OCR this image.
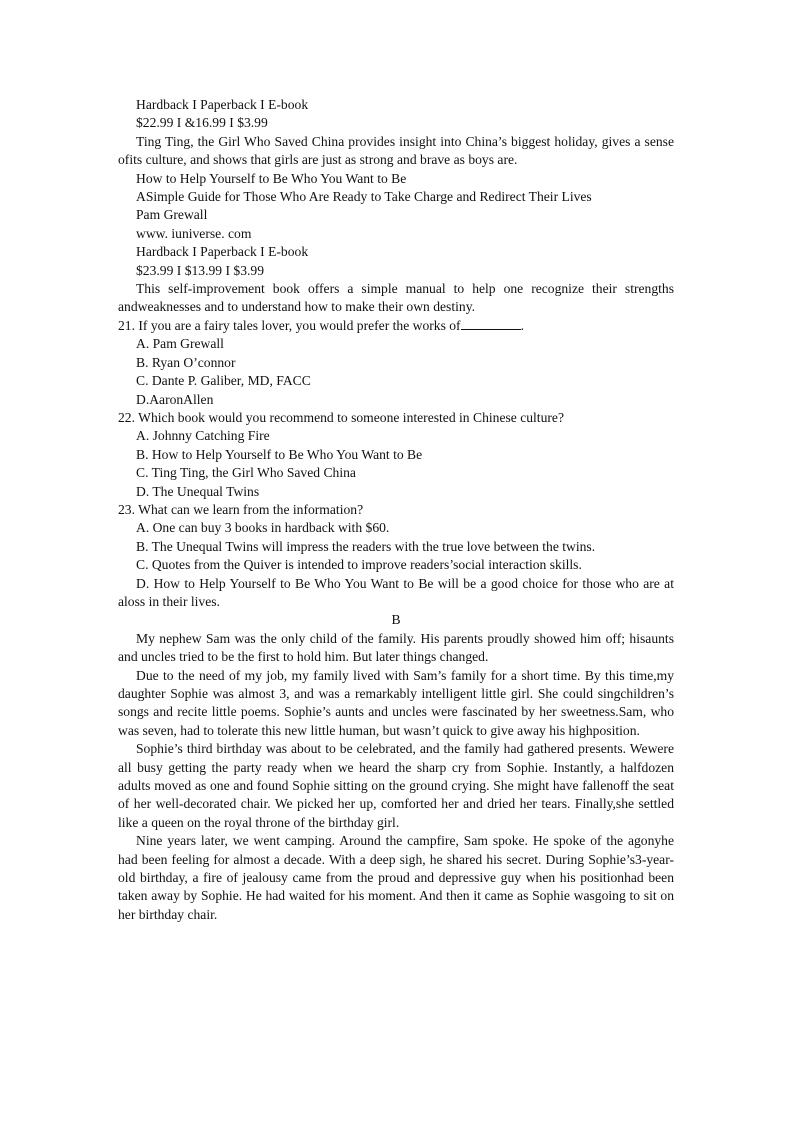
Hardback I Paperback I E-book

$22.99 I &16.99 I $3.99

Ting Ting, the Girl Who Saved China provides insight into China’s biggest holiday, gives a sense ofits culture, and shows that girls are just as strong and brave as boys are.

How to Help Yourself to Be Who You Want to Be

ASimple Guide for Those Who Are Ready to Take Charge and Redirect Their Lives

Pam Grewall

www. iuniverse. com

Hardback I Paperback I E-book

$23.99 I $13.99 I $3.99

This self-improvement book offers a simple manual to help one recognize their strengths andweaknesses and to understand how to make their own destiny.

21. If you are a fairy tales lover, you would prefer the works of	.

A. Pam Grewall

B. Ryan O’connor

C. Dante P. Galiber, MD, FACC

D.AaronAllen

22. Which book would you recommend to someone interested in Chinese culture?

A. Johnny Catching Fire

B. How to Help Yourself to Be Who You Want to Be

C. Ting Ting, the Girl Who Saved China

D. The Unequal Twins

23. What can we learn from the information?

A. One can buy 3 books in hardback with $60.

B. The Unequal Twins will impress the readers with the true love between the twins.

C. Quotes from the Quiver is intended to improve readers’social interaction skills.

D. How to Help Yourself to Be Who You Want to Be will be a good choice for those who are at aloss in their lives.

B

My nephew Sam was the only child of the family. His parents proudly showed him off; hisaunts and uncles tried to be the first to hold him. But later things changed.

Due to the need of my job, my family lived with Sam’s family for a short time. By this time,my daughter Sophie was almost 3, and was a remarkably intelligent little girl. She could singchildren’s songs and recite little poems. Sophie’s aunts and uncles were fascinated by her sweetness.Sam, who was seven, had to tolerate this new little human, but wasn’t quick to give away his highposition.

Sophie’s third birthday was about to be celebrated, and the family had gathered presents. Wewere all busy getting the party ready when we heard the sharp cry from Sophie. Instantly, a halfdozen adults moved as one and found Sophie sitting on the ground crying. She might have fallenoff the seat of her well-decorated chair. We picked her up, comforted her and dried her tears. Finally,she settled like a queen on the royal throne of the birthday girl.

Nine years later, we went camping. Around the campfire, Sam spoke. He spoke of the agonyhe had been feeling for almost a decade. With a deep sigh, he shared his secret. During Sophie’s3-year-old birthday, a fire of jealousy came from the proud and depressive guy when his positionhad been taken away by Sophie. He had waited for his moment. And then it came as Sophie wasgoing to sit on her birthday chair.
